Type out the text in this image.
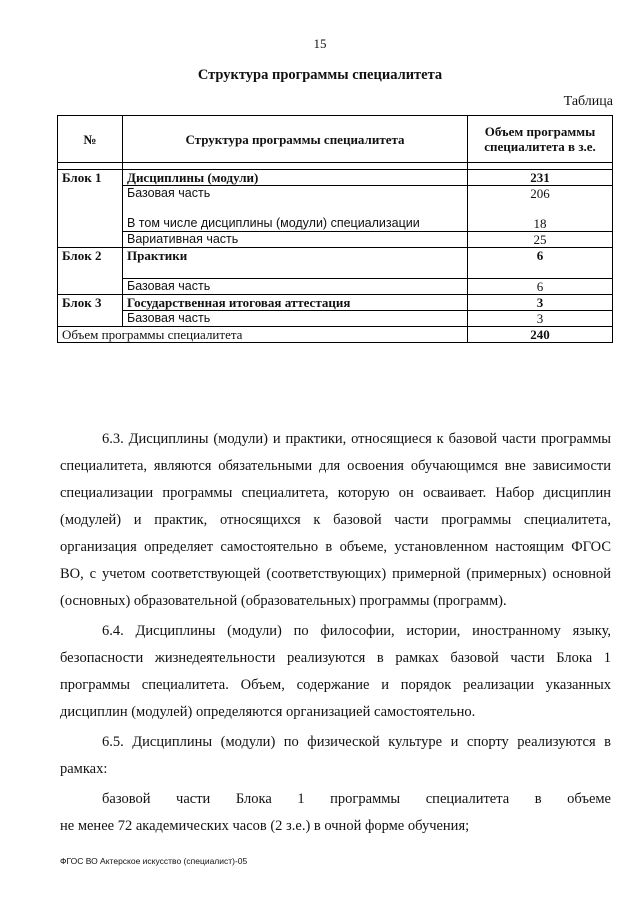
15
Структура программы специалитета
Таблица
№	Структура программы специалитета	Объем программы специалитета в з.е.

Блок 1	Дисциплины (модули)	231
	Базовая часть	206
	В том числе дисциплины (модули) специализации	18
	Вариативная часть	25
Блок 2	Практики	6
	Базовая часть	6
Блок 3	Государственная итоговая аттестация	3
	Базовая часть	3
Объем программы специалитета		240

6.3. Дисциплины (модули) и практики, относящиеся к базовой части программы специалитета, являются обязательными для освоения обучающимся вне зависимости специализации программы специалитета, которую он осваивает. Набор дисциплин (модулей) и практик, относящихся к базовой части программы специалитета, организация определяет самостоятельно в объеме, установленном настоящим ФГОС ВО, с учетом соответствующей (соответствующих) примерной (примерных) основной (основных) образовательной (образовательных) программы (программ).

6.4. Дисциплины (модули) по философии, истории, иностранному языку, безопасности жизнедеятельности реализуются в рамках базовой части Блока 1 программы специалитета. Объем, содержание и порядок реализации указанных дисциплин (модулей) определяются организацией самостоятельно.

6.5. Дисциплины (модули) по физической культуре и спорту реализуются в рамках:

базовой части Блока 1 программы специалитета в объеме

не менее 72 академических часов (2 з.е.) в очной форме обучения;

ФГОС ВО Актерское искусство (специалист)-05
